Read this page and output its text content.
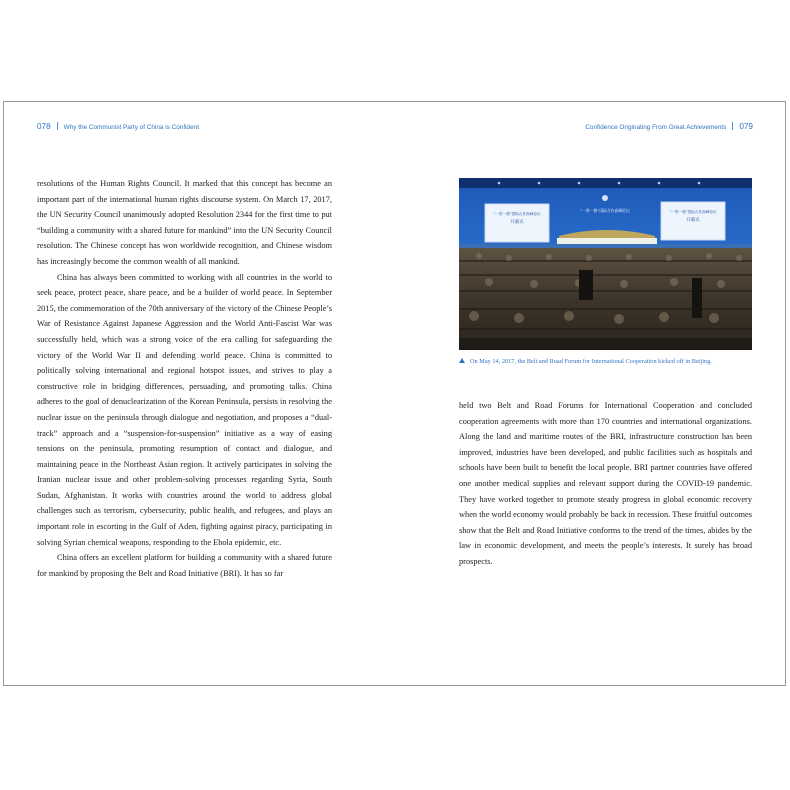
078 Why the Communist Party of China is Confident	Confidence Originating From Great Achievements 079

resolutions of the Human Rights Council. It marked that this concept has become an important part of the international human rights discourse system. On March 17, 2017, the UN Security Council unanimously adopted Resolution 2344 for the first time to put “building a community with a shared future for mankind” into the UN Security Council resolution. The Chinese concept has won worldwide recognition, and Chinese wisdom has increasingly become the common wealth of all mankind.

China has always been committed to working with all countries in the world to seek peace, protect peace, share peace, and be a builder of world peace. In September 2015, the commemoration of the 70th anniversary of the victory of the Chinese People’s War of Resistance Against Japanese Aggression and the World Anti-Fascist War was successfully held, which was a strong voice of the era calling for safeguarding the victory of the World War II and defending world peace. China is committed to politically solving international and regional hotspot issues, and strives to play a constructive role in bridging differences, persuading, and promoting talks. China adheres to the goal of denuclearization of the Korean Peninsula, persists in resolving the nuclear issue on the peninsula through dialogue and negotiation, and proposes a “dual-track” approach and a “suspension-for-suspension” initiative as a way of easing tensions on the peninsula, promoting resumption of contact and dialogue, and maintaining peace in the Northeast Asian region. It actively participates in solving the Iranian nuclear issue and other problem-solving processes regarding Syria, South Sudan, Afghanistan. It works with countries around the world to address global challenges such as terrorism, cybersecurity, public health, and refugees, and plays an important role in escorting in the Gulf of Aden, fighting against piracy, participating in solving Syrian chemical weapons, responding to the Ebola epidemic, etc.

China offers an excellent platform for building a community with a shared future for mankind by proposing the Belt and Road Initiative (BRI). It has so far

“一带一路”国际合作高峰论坛
开幕式
“一带一路”国际合作高峰论坛
开幕式
“一带一路”国际合作高峰论坛
On May 14, 2017, the Belt and Road Forum for International Cooperation kicked off in Beijing.

held two Belt and Road Forums for International Cooperation and concluded cooperation agreements with more than 170 countries and international organizations. Along the land and maritime routes of the BRI, infrastructure construction has been improved, industries have been developed, and public facilities such as hospitals and schools have been built to benefit the local people. BRI partner countries have offered one another medical supplies and relevant support during the COVID-19 pandemic. They have worked together to promote steady progress in global economic recovery when the world economy would probably be back in recession. These fruitful outcomes show that the Belt and Road Initiative conforms to the trend of the times, abides by the law in economic development, and meets the people’s interests. It surely has broad prospects.
